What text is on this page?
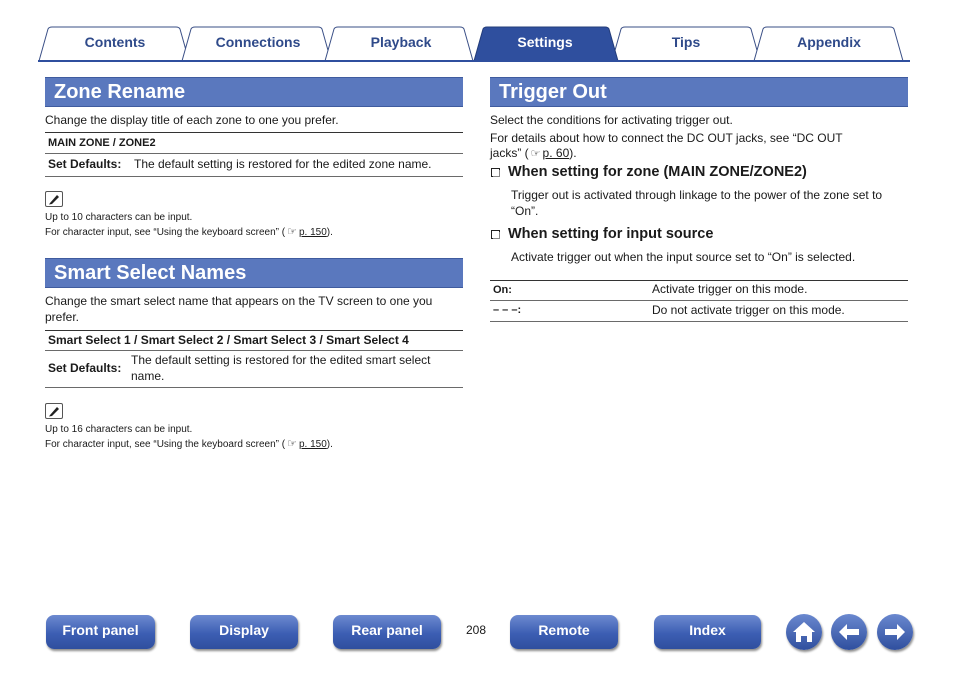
Contents	Connections	Playback	Settings	Tips	Appendix
Zone Rename
Change the display title of each zone to one you prefer.
MAIN ZONE / ZONE2
Set Defaults: The default setting is restored for the edited zone name.
Up to 10 characters can be input.
For character input, see “Using the keyboard screen” ( ☞ p. 150).
Smart Select Names
Change the smart select name that appears on the TV screen to one you
prefer.
Smart Select 1 / Smart Select 2 / Smart Select 3 / Smart Select 4
Set Defaults:
The default setting is restored for the edited smart select
name.
Up to 16 characters can be input.
For character input, see “Using the keyboard screen” ( ☞ p. 150).
Trigger Out
Select the conditions for activating trigger out.
For details about how to connect the DC OUT jacks, see “DC OUT
jacks” ( ☞ p. 60).
When setting for zone (MAIN ZONE/ZONE2)
Trigger out is activated through linkage to the power of the zone set to
“On”.
When setting for input source
Activate trigger out when the input source set to “On” is selected.
On:	Activate trigger on this mode.
– – –:	Do not activate trigger on this mode.
Front panel	Display	Rear panel	208	Remote	Index
